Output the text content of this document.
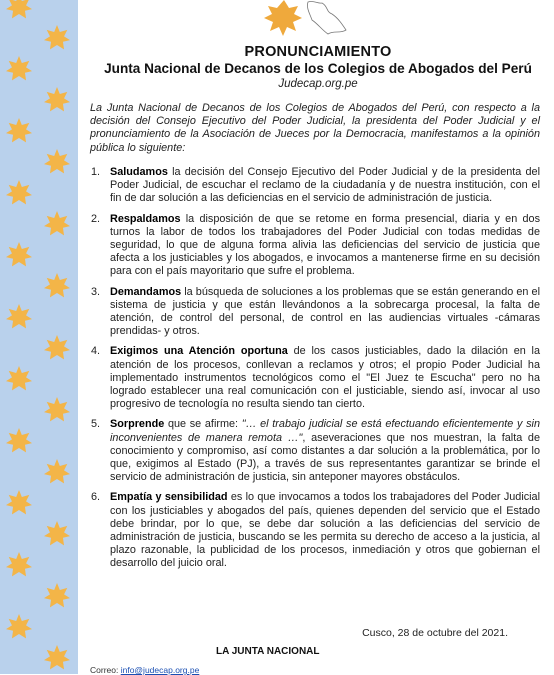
PRONUNCIAMIENTO
Junta Nacional de Decanos de los Colegios de Abogados del Perú
Judecap.org.pe
La Junta Nacional de Decanos de los Colegios de Abogados del Perú, con respecto a la decisión del Consejo Ejecutivo del Poder Judicial, la presidenta del Poder Judicial y el pronunciamiento de la Asociación de Jueces por la Democracia, manifestamos a la opinión pública lo siguiente:
1. Saludamos la decisión del Consejo Ejecutivo del Poder Judicial y de la presidenta del Poder Judicial, de escuchar el reclamo de la ciudadanía y de nuestra institución, con el fin de dar solución a las deficiencias en el servicio de administración de justicia.
2. Respaldamos la disposición de que se retome en forma presencial, diaria y en dos turnos la labor de todos los trabajadores del Poder Judicial con todas medidas de seguridad, lo que de alguna forma alivia las deficiencias del servicio de justicia que afecta a los justiciables y los abogados, e invocamos a mantenerse firme en su decisión para con el país mayoritario que sufre el problema.
3. Demandamos la búsqueda de soluciones a los problemas que se están generando en el sistema de justicia y que están llevándonos a la sobrecarga procesal, la falta de atención, de control del personal, de control en las audiencias virtuales -cámaras prendidas- y otros.
4. Exigimos una Atención oportuna de los casos justiciables, dado la dilación en la atención de los procesos, conllevan a reclamos y otros; el propio Poder Judicial ha implementado instrumentos tecnológicos como el "El Juez te Escucha" pero no ha logrado establecer una real comunicación con el justiciable, siendo así, invocar al uso progresivo de tecnología no resulta siendo tan cierto.
5. Sorprende que se afirme: "… el trabajo judicial se está efectuando eficientemente y sin inconvenientes de manera remota …", aseveraciones que nos muestran, la falta de conocimiento y compromiso, así como distantes a dar solución a la problemática, por lo que, exigimos al Estado (PJ), a través de sus representantes garantizar se brinde el servicio de administración de justicia, sin anteponer mayores obstáculos.
6. Empatía y sensibilidad es lo que invocamos a todos los trabajadores del Poder Judicial con los justiciables y abogados del país, quienes dependen del servicio que el Estado debe brindar, por lo que, se debe dar solución a las deficiencias del servicio de administración de justicia, buscando se les permita su derecho de acceso a la justicia, al plazo razonable, la publicidad de los procesos, inmediación y otros que gobiernan el desarrollo del juicio oral.
Cusco, 28 de octubre del 2021.
LA JUNTA NACIONAL
Correo: info@judecap.org.pe
